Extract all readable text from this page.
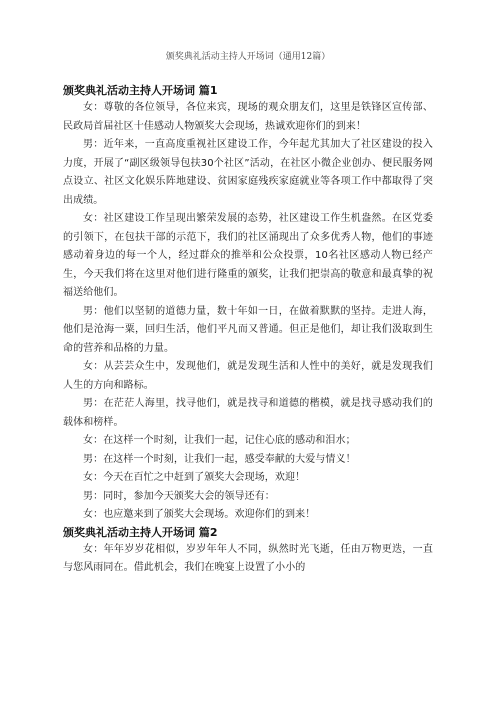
颁奖典礼活动主持人开场词（通用12篇）
颁奖典礼活动主持人开场词 篇1

女：尊敬的各位领导，各位来宾，现场的观众朋友们，这里是铁锋区宣传部、民政局首届社区十佳感动人物颁奖大会现场，热诚欢迎你们的到来！

男：近年来，一直高度重视社区建设工作，今年起尤其加大了社区建设的投入力度，开展了“副区级领导包扶30个社区”活动，在社区小微企业创办、便民服务网点设立、社区文化娱乐阵地建设、贫困家庭残疾家庭就业等各项工作中都取得了突出成绩。

女：社区建设工作呈现出繁荣发展的态势，社区建设工作生机盎然。在区党委的引领下，在包扶干部的示范下，我们的社区涌现出了众多优秀人物，他们的事迹感动着身边的每一个人，经过群众的推举和公众投票，10名社区感动人物已经产生，今天我们将在这里对他们进行隆重的颁奖，让我们把崇高的敬意和最真挚的祝福送给他们。

男：他们以坚韧的道德力量，数十年如一日，在做着默默的坚持。走进人海，他们是沧海一粟，回归生活，他们平凡而又普通。但正是他们，却让我们汲取到生命的营养和品格的力量。

女：从芸芸众生中，发现他们，就是发现生活和人性中的美好，就是发现我们人生的方向和路标。

男：在茫茫人海里，找寻他们，就是找寻和道德的楷模，就是找寻感动我们的载体和榜样。

女：在这样一个时刻，让我们一起，记住心底的感动和泪水；

男：在这样一个时刻，让我们一起，感受奉献的大爱与情义！

女：今天在百忙之中赶到了颁奖大会现场，欢迎！

男：同时，参加今天颁奖大会的领导还有：

女：也应邀来到了颁奖大会现场。欢迎你们的到来！

颁奖典礼活动主持人开场词 篇2

女：年年岁岁花相似，岁岁年年人不同，纵然时光飞逝，任由万物更迭，一直与您风雨同在。借此机会，我们在晚宴上设置了小小的
